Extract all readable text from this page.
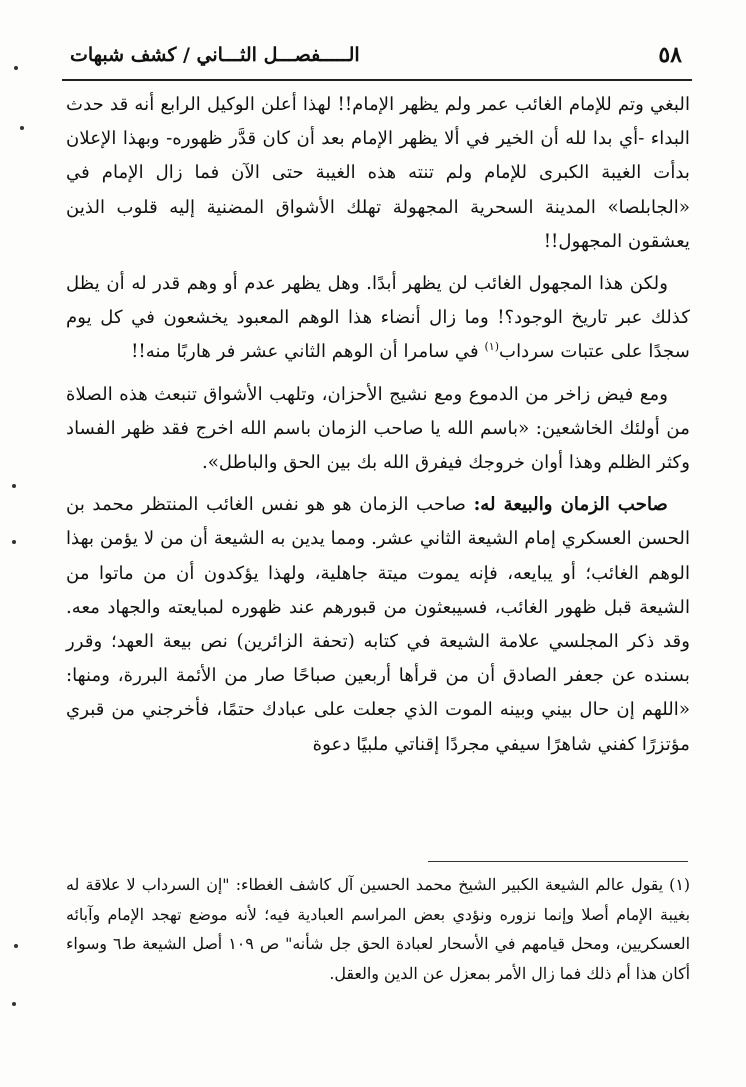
٥٨
الـــــفصـــل الثـــاني / كشف شبهات

البغي وتم للإمام الغائب عمر ولم يظهر الإمام!! لهذا أعلن الوكيل الرابع أنه قد حدث البداء -أي بدا لله أن الخير في ألا يظهر الإمام بعد أن كان قدَّر ظهوره- وبهذا الإعلان بدأت الغيبة الكبرى للإمام ولم تنته هذه الغيبة حتى الآن فما زال الإمام في «الجابلصا» المدينة السحرية المجهولة تهلك الأشواق المضنية إليه قلوب الذين يعشقون المجهول!!

ولكن هذا المجهول الغائب لن يظهر أبدًا. وهل يظهر عدم أو وهم قدر له أن يظل كذلك عبر تاريخ الوجود؟! وما زال أنضاء هذا الوهم المعبود يخشعون في كل يوم سجدًا على عتبات سرداب$^{(١)}$ في سامرا أن الوهم الثاني عشر فر هاربًا منه!!

ومع فيض زاخر من الدموع ومع نشيج الأحزان، وتلهب الأشواق تنبعث هذه الصلاة من أولئك الخاشعين: «باسم الله يا صاحب الزمان باسم الله اخرج فقد ظهر الفساد وكثر الظلم وهذا أوان خروجك فيفرق الله بك بين الحق والباطل».

صاحب الزمان والبيعة له: صاحب الزمان هو هو نفس الغائب المنتظر محمد بن الحسن العسكري إمام الشيعة الثاني عشر. ومما يدين به الشيعة أن من لا يؤمن بهذا الوهم الغائب؛ أو يبايعه، فإنه يموت ميتة جاهلية، ولهذا يؤكدون أن من ماتوا من الشيعة قبل ظهور الغائب، فسيبعثون من قبورهم عند ظهوره لمبايعته والجهاد معه. وقد ذكر المجلسي علامة الشيعة في كتابه (تحفة الزائرين) نص بيعة العهد؛ وقرر بسنده عن جعفر الصادق أن من قرأها أربعين صباحًا صار من الأئمة البررة، ومنها: «اللهم إن حال بيني وبينه الموت الذي جعلت على عبادك حتمًا، فأخرجني من قبري مؤتزرًا كفني شاهرًا سيفي مجردًا إقناتي ملبيًا دعوة

(١)يقول عالم الشيعة الكبير الشيخ محمد الحسين آل كاشف الغطاء: "إن السرداب لا علاقة له بغيبة الإمام أصلا وإنما نزوره ونؤدي بعض المراسم العبادية فيه؛ لأنه موضع تهجد الإمام وآبائه العسكريين، ومحل قيامهم في الأسحار لعبادة الحق جل شأنه" ص ١٠٩ أصل الشيعة ط٦ وسواء أكان هذا أم ذلك فما زال الأمر بمعزل عن الدين والعقل.
